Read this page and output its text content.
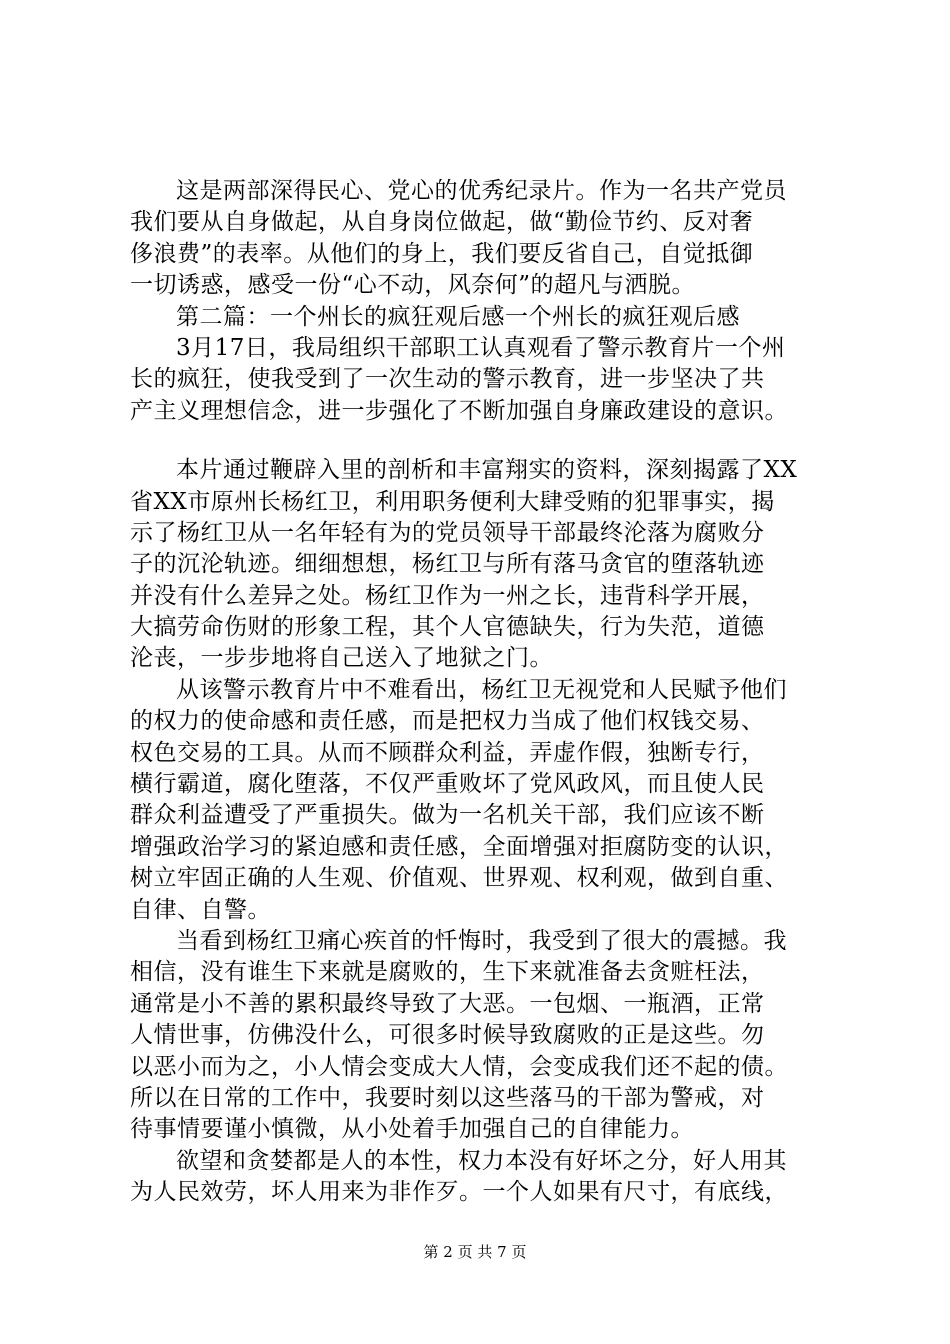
这是两部深得民心、党心的优秀纪录片。作为一名共产党员
我们要从自身做起，从自身岗位做起，做“勤俭节约、反对奢
侈浪费”的表率。从他们的身上，我们要反省自己，自觉抵御
一切诱惑，感受一份“心不动，风奈何”的超凡与洒脱。
第二篇：一个州长的疯狂观后感一个州长的疯狂观后感
3月17日，我局组织干部职工认真观看了警示教育片一个州
长的疯狂，使我受到了一次生动的警示教育，进一步坚决了共
产主义理想信念，进一步强化了不断加强自身廉政建设的意识。
本片通过鞭辟入里的剖析和丰富翔实的资料，深刻揭露了XX
省XX市原州长杨红卫，利用职务便利大肆受贿的犯罪事实，揭
示了杨红卫从一名年轻有为的党员领导干部最终沦落为腐败分
子的沉沦轨迹。细细想想，杨红卫与所有落马贪官的堕落轨迹
并没有什么差异之处。杨红卫作为一州之长，违背科学开展，
大搞劳命伤财的形象工程，其个人官德缺失，行为失范，道德
沦丧，一步步地将自己送入了地狱之门。
从该警示教育片中不难看出，杨红卫无视党和人民赋予他们
的权力的使命感和责任感，而是把权力当成了他们权钱交易、
权色交易的工具。从而不顾群众利益，弄虚作假，独断专行，
横行霸道，腐化堕落，不仅严重败坏了党风政风，而且使人民
群众利益遭受了严重损失。做为一名机关干部，我们应该不断
增强政治学习的紧迫感和责任感，全面增强对拒腐防变的认识，
树立牢固正确的人生观、价值观、世界观、权利观，做到自重、
自律、自警。
当看到杨红卫痛心疾首的忏悔时，我受到了很大的震撼。我
相信，没有谁生下来就是腐败的，生下来就准备去贪赃枉法，
通常是小不善的累积最终导致了大恶。一包烟、一瓶酒，正常
人情世事，仿佛没什么，可很多时候导致腐败的正是这些。勿
以恶小而为之，小人情会变成大人情，会变成我们还不起的债。
所以在日常的工作中，我要时刻以这些落马的干部为警戒，对
待事情要谨小慎微，从小处着手加强自己的自律能力。
欲望和贪婪都是人的本性，权力本没有好坏之分，好人用其
为人民效劳，坏人用来为非作歹。一个人如果有尺寸，有底线，
第 2 页 共 7 页
